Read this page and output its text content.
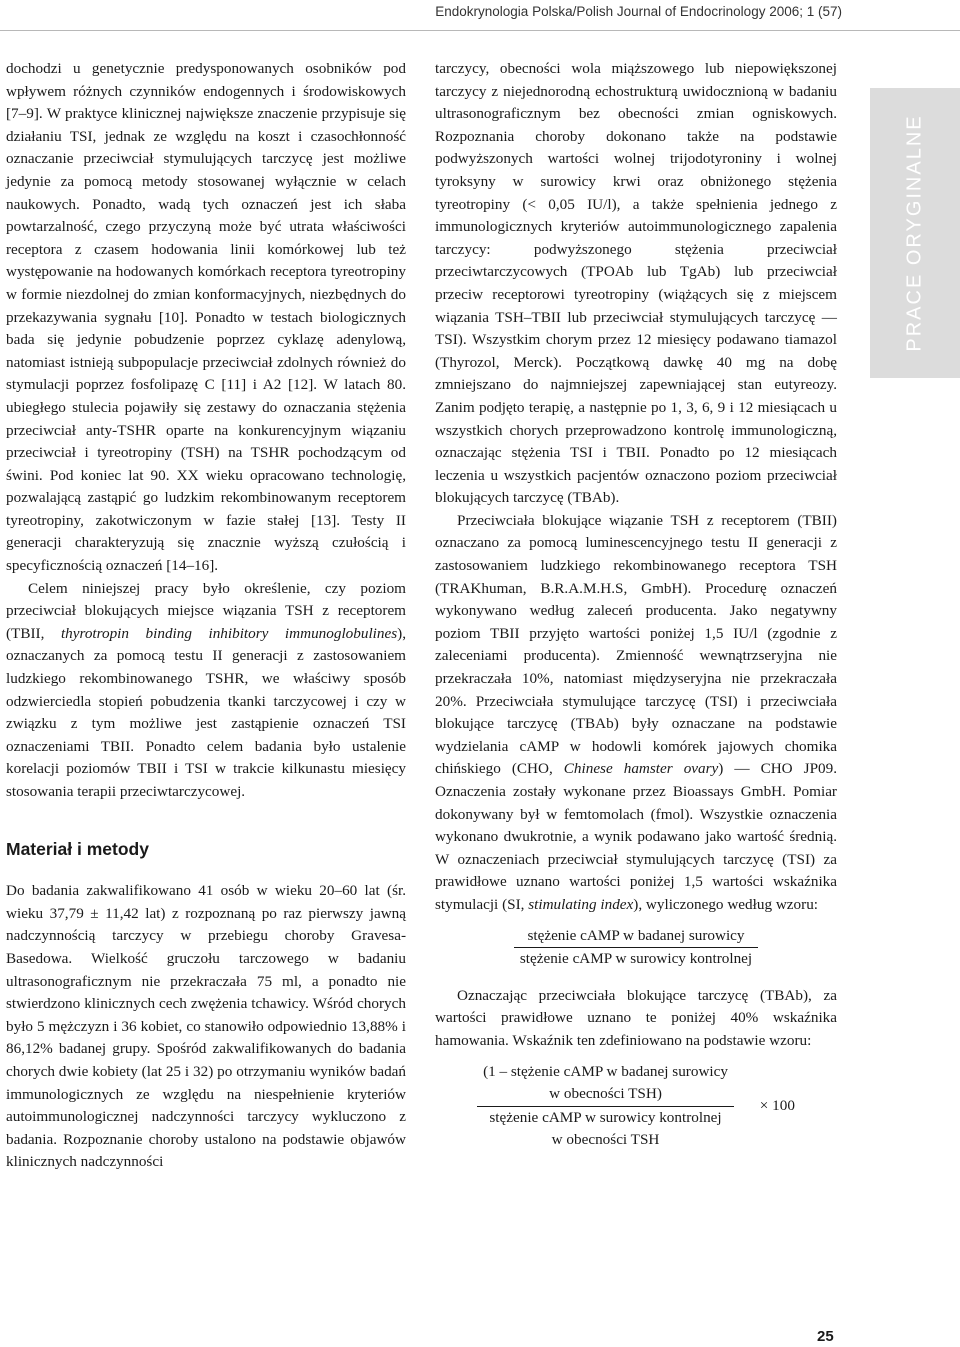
Endokrynologia Polska/Polish Journal of Endocrinology 2006; 1 (57)

dochodzi u genetycznie predysponowanych osobników pod wpływem różnych czynników endogennych i środowiskowych [7–9]. W praktyce klinicznej największe znaczenie przypisuje się działaniu TSI, jednak ze względu na koszt i czasochłonność oznaczanie przeciwciał stymulujących tarczycę jest możliwe jedynie za pomocą metody stosowanej wyłącznie w celach naukowych. Ponadto, wadą tych oznaczeń jest ich słaba powtarzalność, czego przyczyną może być utrata właściwości receptora z czasem hodowania linii komórkowej lub też występowanie na hodowanych komórkach receptora tyreotropiny w formie niezdolnej do zmian konformacyjnych, niezbędnych do przekazywania sygnału [10]. Ponadto w testach biologicznych bada się jedynie pobudzenie poprzez cyklazę adenylową, natomiast istnieją subpopulacje przeciwciał zdolnych również do stymulacji poprzez fosfolipazę C [11] i A2 [12]. W latach 80. ubiegłego stulecia pojawiły się zestawy do oznaczania stężenia przeciwciał anty-TSHR oparte na konkurencyjnym wiązaniu przeciwciał i tyreotropiny (TSH) na TSHR pochodzącym od świni. Pod koniec lat 90. XX wieku opracowano technologię, pozwalającą zastąpić go ludzkim rekombinowanym receptorem tyreotropiny, zakotwiczonym w fazie stałej [13]. Testy II generacji charakteryzują się znacznie wyższą czułością i specyficznością oznaczeń [14–16].

Celem niniejszej pracy było określenie, czy poziom przeciwciał blokujących miejsce wiązania TSH z receptorem (TBII, thyrotropin binding inhibitory immunoglobulines), oznaczanych za pomocą testu II generacji z zastosowaniem ludzkiego rekombinowanego TSHR, we właściwy sposób odzwierciedla stopień pobudzenia tkanki tarczycowej i czy w związku z tym możliwe jest zastąpienie oznaczeń TSI oznaczeniami TBII. Ponadto celem badania było ustalenie korelacji poziomów TBII i TSI w trakcie kilkunastu miesięcy stosowania terapii przeciwtarczycowej.

Materiał i metody

Do badania zakwalifikowano 41 osób w wieku 20–60 lat (śr. wieku 37,79 ± 11,42 lat) z rozpoznaną po raz pierwszy jawną nadczynnością tarczycy w przebiegu choroby Gravesa-Basedowa. Wielkość gruczołu tarczowego w badaniu ultrasonograficznym nie przekraczała 75 ml, a ponadto nie stwierdzono klinicznych cech zwężenia tchawicy. Wśród chorych było 5 mężczyzn i 36 kobiet, co stanowiło odpowiednio 13,88% i 86,12% badanej grupy. Spośród zakwalifikowanych do badania chorych dwie kobiety (lat 25 i 32) po otrzymaniu wyników badań immunologicznych ze względu na niespełnienie kryteriów autoimmunologicznej nadczynności tarczycy wykluczono z badania. Rozpoznanie choroby ustalono na podstawie objawów klinicznych nadczynności

tarczycy, obecności wola miąższowego lub niepowiększonej tarczycy z niejednorodną echostrukturą uwidocznioną w badaniu ultrasonograficznym bez obecności zmian ogniskowych. Rozpoznania choroby dokonano także na podstawie podwyższonych wartości wolnej trijodotyroniny i wolnej tyroksyny w surowicy krwi oraz obniżonego stężenia tyreotropiny (< 0,05 IU/l), a także spełnienia jednego z immunologicznych kryteriów autoimmunologicznego zapalenia tarczycy: podwyższonego stężenia przeciwciał przeciwtarczycowych (TPOAb lub TgAb) lub przeciwciał przeciw receptorowi tyreotropiny (wiążących się z miejscem wiązania TSH–TBII lub przeciwciał stymulujących tarczycę — TSI). Wszystkim chorym przez 12 miesięcy podawano tiamazol (Thyrozol, Merck). Początkową dawkę 40 mg na dobę zmniejszano do najmniejszej zapewniającej stan eutyreozy. Zanim podjęto terapię, a następnie po 1, 3, 6, 9 i 12 miesiącach u wszystkich chorych przeprowadzono kontrolę immunologiczną, oznaczając stężenia TSI i TBII. Ponadto po 12 miesiącach leczenia u wszystkich pacjentów oznaczono poziom przeciwciał blokujących tarczycę (TBAb).

Przeciwciała blokujące wiązanie TSH z receptorem (TBII) oznaczano za pomocą luminescencyjnego testu II generacji z zastosowaniem ludzkiego rekombinowanego receptora TSH (TRAKhuman, B.R.A.M.H.S, GmbH). Procedurę oznaczeń wykonywano według zaleceń producenta. Jako negatywny poziom TBII przyjęto wartości poniżej 1,5 IU/l (zgodnie z zaleceniami producenta). Zmienność wewnątrzseryjna nie przekraczała 10%, natomiast międzyseryjna nie przekraczała 20%. Przeciwciała stymulujące tarczycę (TSI) i przeciwciała blokujące tarczycę (TBAb) były oznaczane na podstawie wydzielania cAMP w hodowli komórek jajowych chomika chińskiego (CHO, Chinese hamster ovary) — CHO JP09. Oznaczenia zostały wykonane przez Bioassays GmbH. Pomiar dokonywany był w femtomolach (fmol). Wszystkie oznaczenia wykonano dwukrotnie, a wynik podawano jako wartość średnią. W oznaczeniach przeciwciał stymulujących tarczycę (TSI) za prawidłowe uznano wartości poniżej 1,5 wartości wskaźnika stymulacji (SI, stimulating index), wyliczonego według wzoru:

$\frac{\text{stężenie cAMP w badanej surowicy}}{\text{stężenie cAMP w surowicy kontrolnej}}$

Oznaczając przeciwciała blokujące tarczycę (TBAb), za wartości prawidłowe uznano te poniżej 40% wskaźnika hamowania. Wskaźnik ten zdefiniowano na podstawie wzoru:

(1 – stężenie cAMP w badanej surowicy
w obecności TSH)
stężenie cAMP w surowicy kontrolnej
w obecności TSH
× 100
PRACE ORYGINALNE
25
